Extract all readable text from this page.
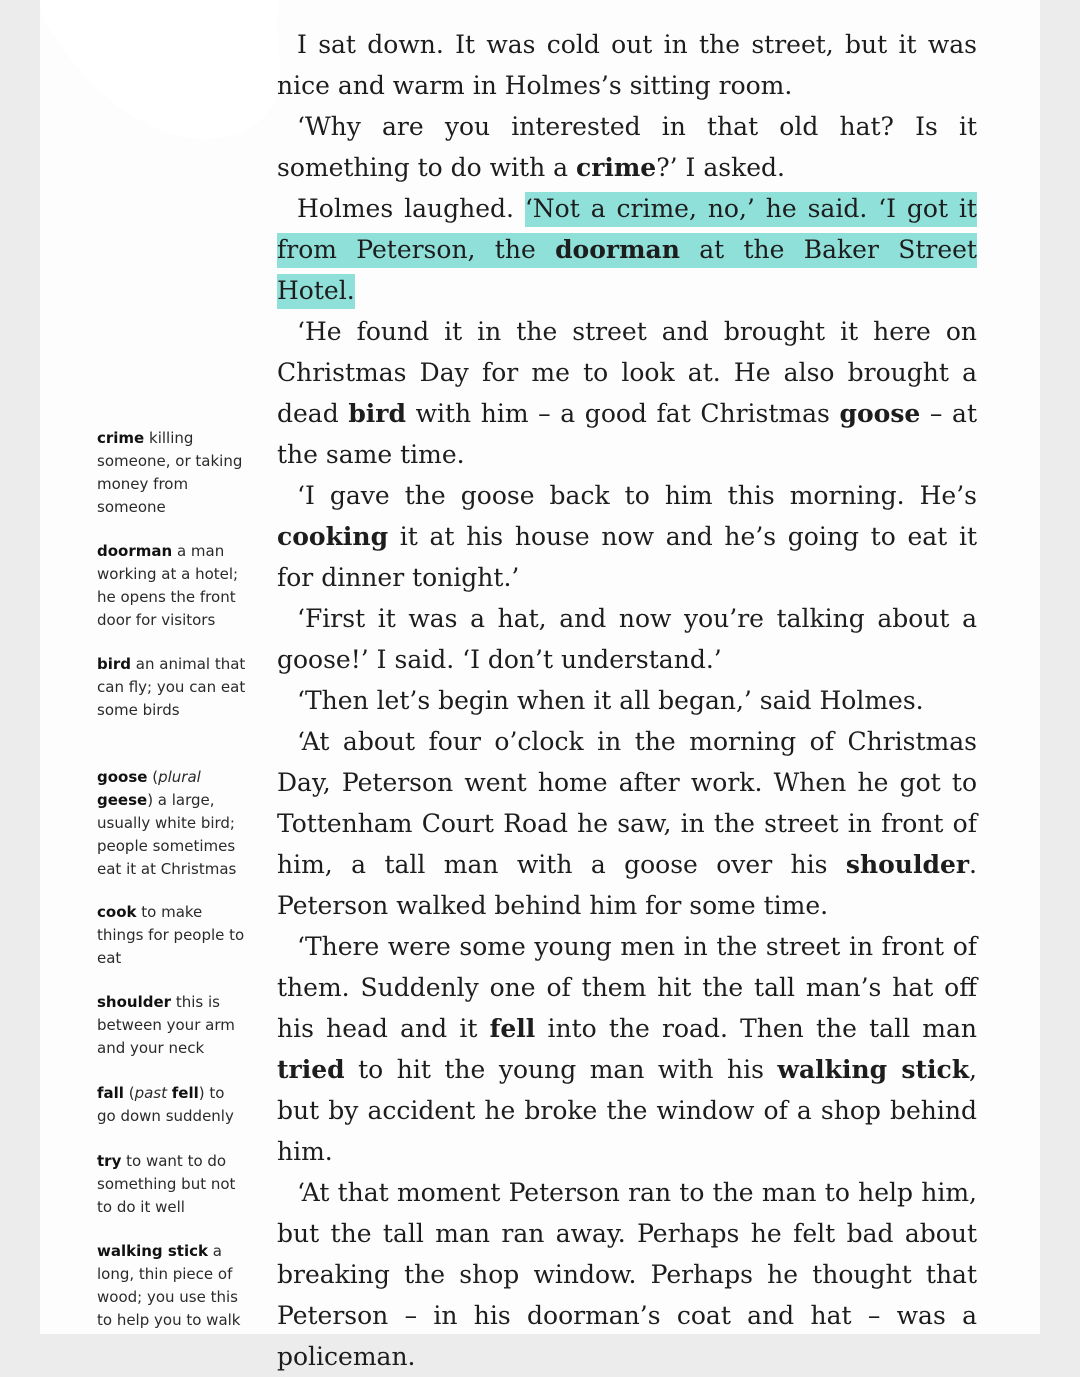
I sat down. It was cold out in the street, but it was nice and warm in Holmes’s sitting room.

‘Why are you interested in that old hat? Is it something to do with a crime?’ I asked.

Holmes laughed. ‘Not a crime, no,’ he said. ‘I got it from Peterson, the doorman at the Baker Street Hotel.

‘He found it in the street and brought it here on Christmas Day for me to look at. He also brought a dead bird with him – a good fat Christmas goose – at the same time.

‘I gave the goose back to him this morning. He’s cooking it at his house now and he’s going to eat it for dinner tonight.’

‘First it was a hat, and now you’re talking about a goose!’ I said. ‘I don’t understand.’

‘Then let’s begin when it all began,’ said Holmes.

‘At about four o’clock in the morning of Christmas Day, Peterson went home after work. When he got to Tottenham Court Road he saw, in the street in front of him, a tall man with a goose over his shoulder. Peterson walked behind him for some time.

‘There were some young men in the street in front of them. Suddenly one of them hit the tall man’s hat off his head and it fell into the road. Then the tall man tried to hit the young man with his walking stick, but by accident he broke the window of a shop behind him.

‘At that moment Peterson ran to the man to help him, but the tall man ran away. Perhaps he felt bad about breaking the shop window. Perhaps he thought that Peterson – in his doorman’s coat and hat – was a policeman.

crime killing someone, or taking money from someone
doorman a man working at a hotel; he opens the front door for visitors
bird an animal that can fly; you can eat some birds
goose (plural geese) a large, usually white bird; people sometimes eat it at Christmas
cook to make things for people to eat
shoulder this is between your arm and your neck
fall (past fell) to go down suddenly
try to want to do something but not to do it well
walking stick a long, thin piece of wood; you use this to help you to walk
